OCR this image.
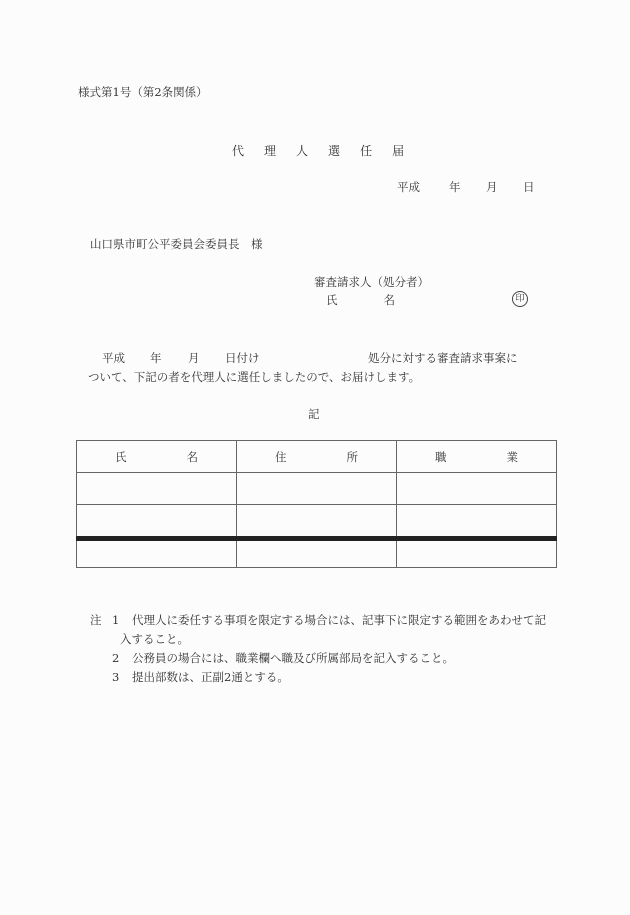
様式第1号（第2条関係）
代 理 人 選 任 届
平成	年 月 日
山口県市町公平委員会委員長　様
審査請求人（処分者）
氏	名	印
平成 年 月 日付け	処分に対する審査請求事案に
ついて、下記の者を代理人に選任しましたので、お届けします。
記
氏 名	住 所	職 業

注 1 代理人に委任する事項を限定する場合には、記事下に限定する範囲をあわせて記
入すること。
2 公務員の場合には、職業欄へ職及び所属部局を記入すること。
3 提出部数は、正副2通とする。
